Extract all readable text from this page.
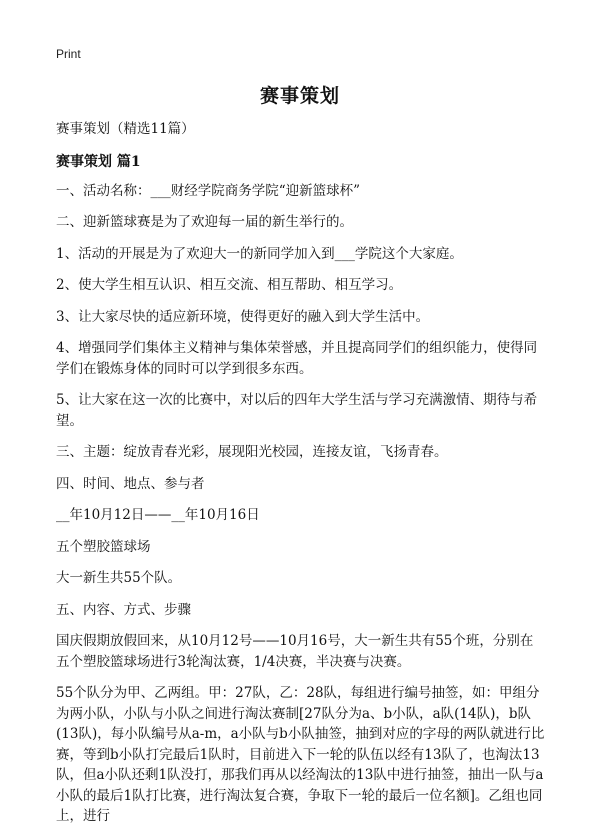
Print
赛事策划

赛事策划（精选11篇）

赛事策划 篇1

一、活动名称：___财经学院商务学院“迎新篮球杯”

二、迎新篮球赛是为了欢迎每一届的新生举行的。

1、活动的开展是为了欢迎大一的新同学加入到___学院这个大家庭。

2、使大学生相互认识、相互交流、相互帮助、相互学习。

3、让大家尽快的适应新环境，使得更好的融入到大学生活中。

4、增强同学们集体主义精神与集体荣誉感，并且提高同学们的组织能力，使得同学们在锻炼身体的同时可以学到很多东西。

5、让大家在这一次的比赛中，对以后的四年大学生活与学习充满激情、期待与希望。

三、主题：绽放青春光彩，展现阳光校园，连接友谊，飞扬青春。

四、时间、地点、参与者

__年10月12日——__年10月16日

五个塑胶篮球场

大一新生共55个队。

五、内容、方式、步骤

国庆假期放假回来，从10月12号——10月16号，大一新生共有55个班，分别在五个塑胶篮球场进行3轮淘汰赛，1/4决赛，半决赛与决赛。

55个队分为甲、乙两组。甲：27队，乙：28队，每组进行编号抽签，如：甲组分为两小队，小队与小队之间进行淘汰赛制[27队分为a、b小队，a队(14队)，b队(13队)，每小队编号从a-m，a小队与b小队抽签，抽到对应的字母的两队就进行比赛，等到b小队打完最后1队时，目前进入下一轮的队伍以经有13队了，也淘汰13队，但a小队还剩1队没打，那我们再从以经淘汰的13队中进行抽签，抽出一队与a小队的最后1队打比赛，进行淘汰复合赛，争取下一轮的最后一位名额]。乙组也同上，进行
